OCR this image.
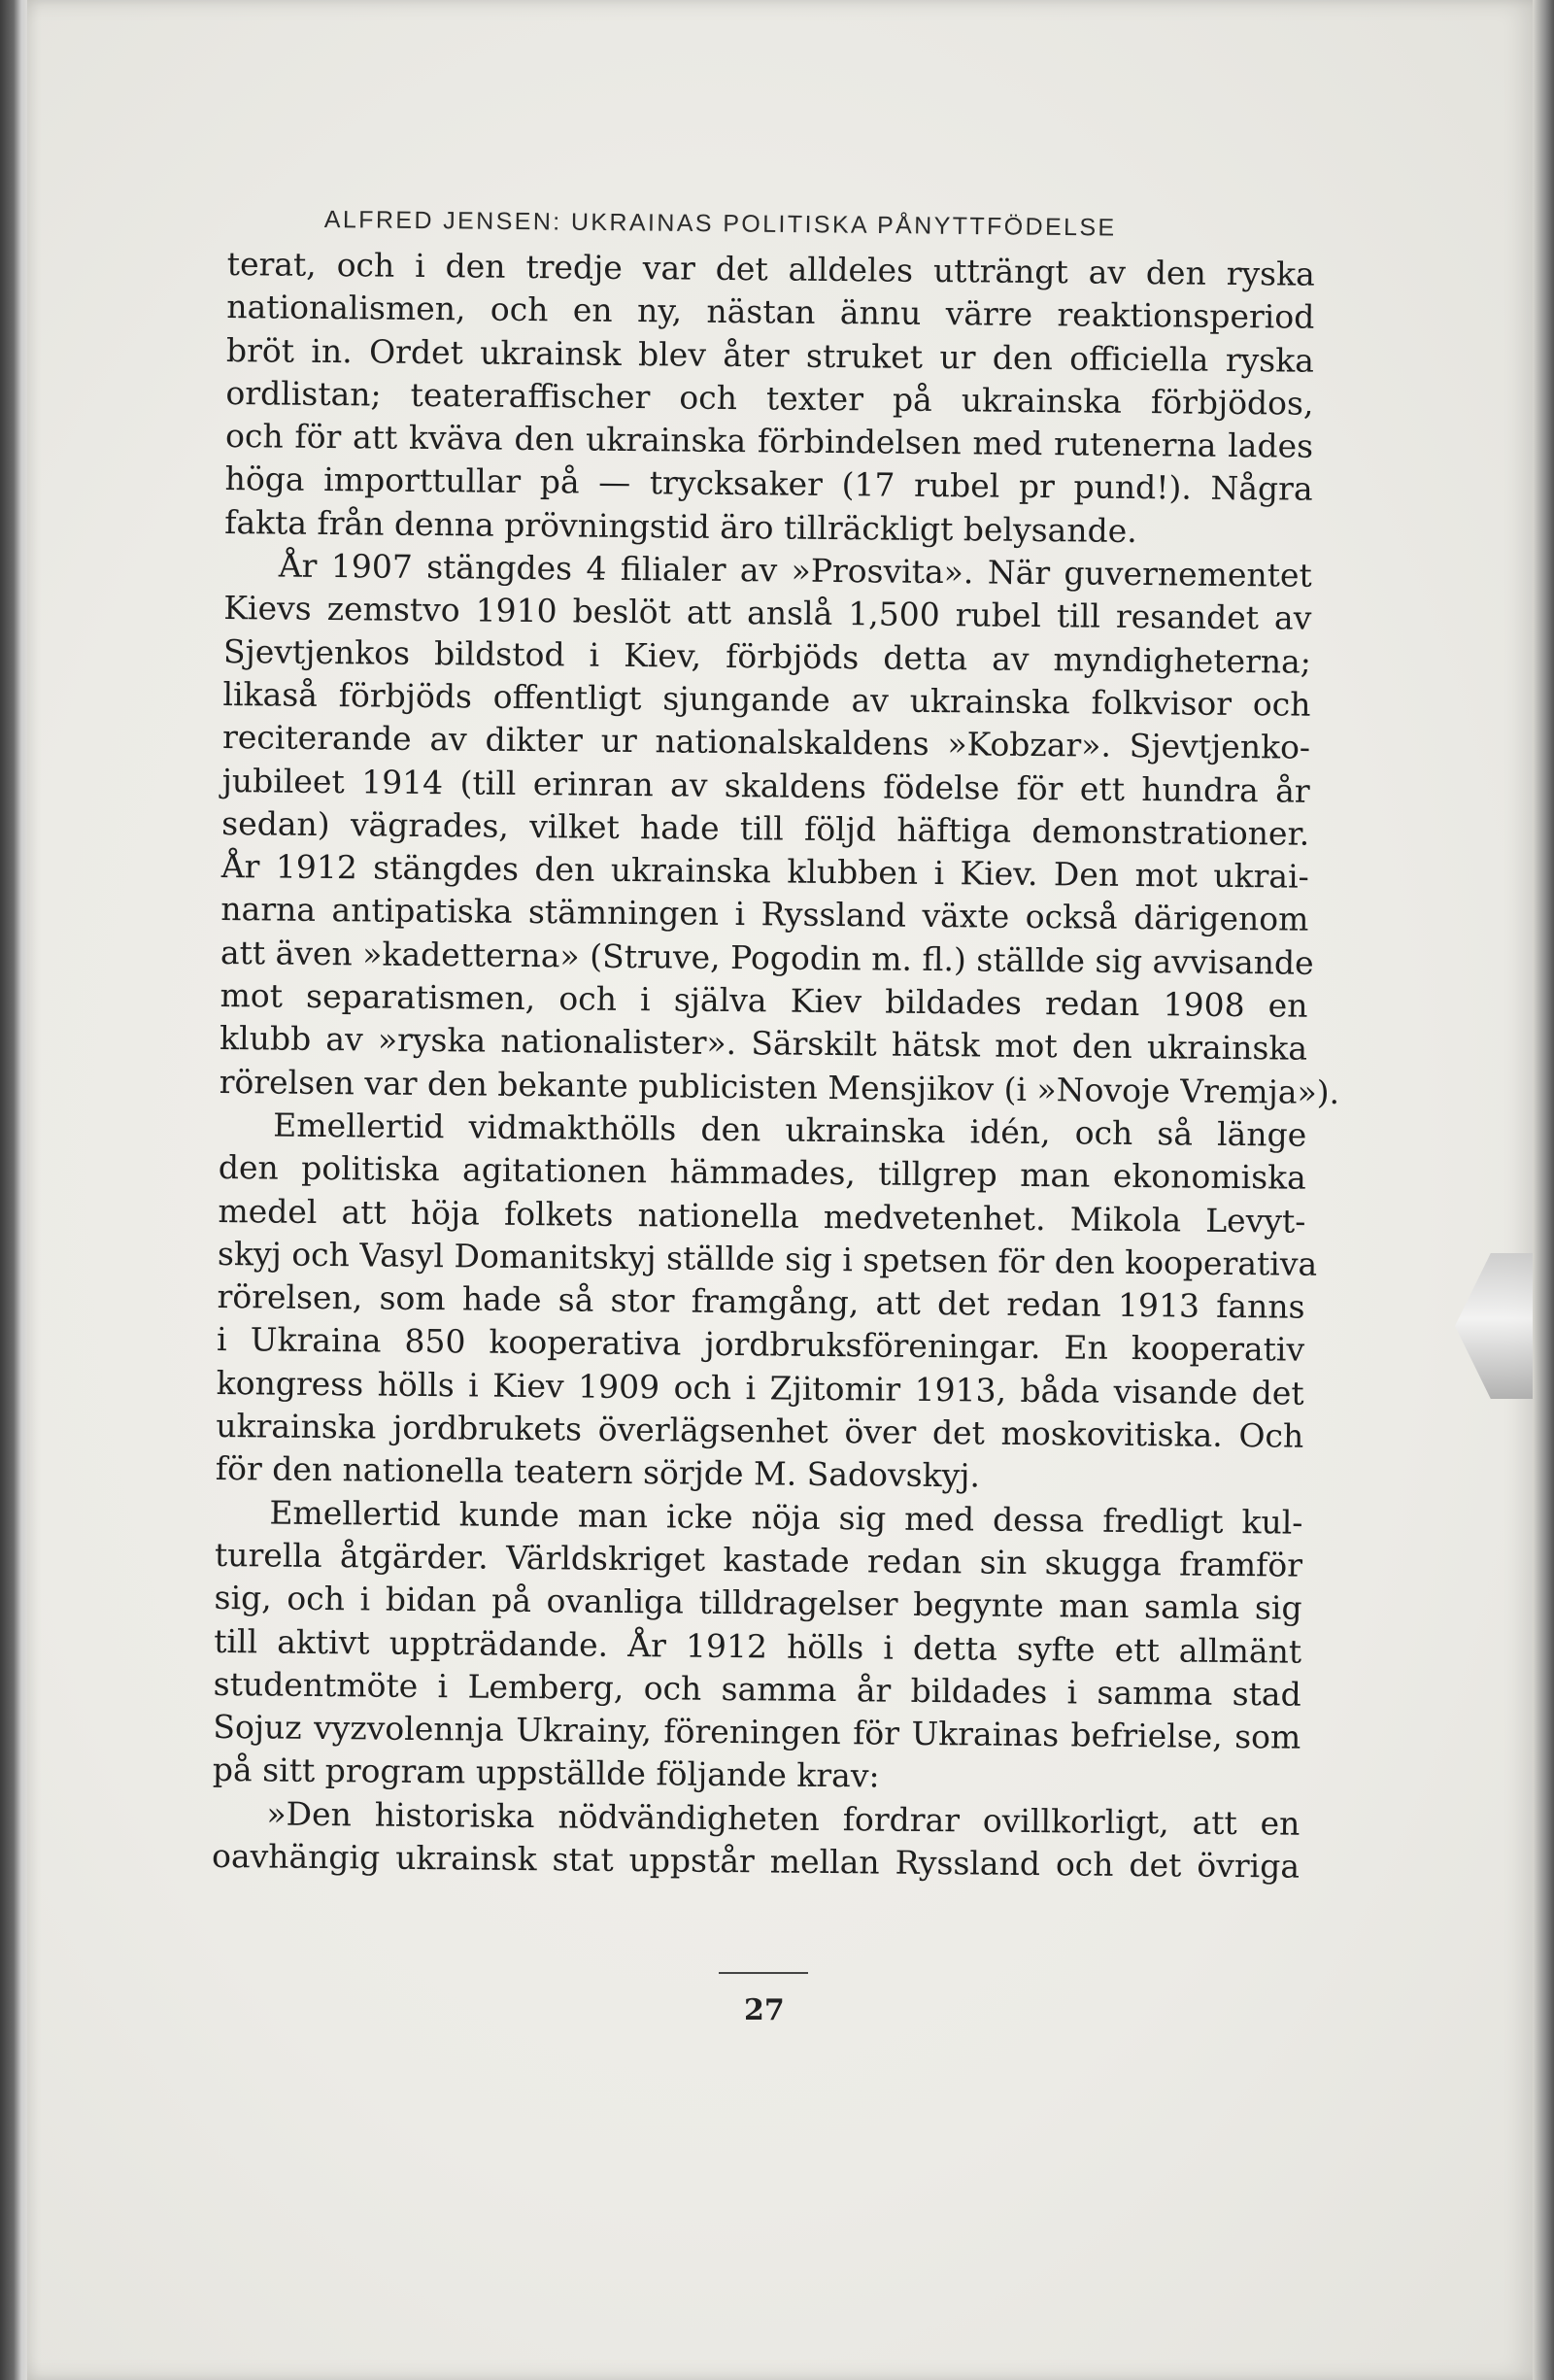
ALFRED JENSEN: UKRAINAS POLITISKA PÅNYTTFÖDELSE
terat, och i den tredje var det alldeles utträngt av den ryska
nationalismen, och en ny, nästan ännu värre reaktionsperiod
bröt in. Ordet ukrainsk blev åter struket ur den officiella ryska
ordlistan; teateraffischer och texter på ukrainska förbjödos,
och för att kväva den ukrainska förbindelsen med rutenerna lades
höga importtullar på — trycksaker (17 rubel pr pund!). Några
fakta från denna prövningstid äro tillräckligt belysande.
År 1907 stängdes 4 filialer av »Prosvita». När guvernementet
Kievs zemstvo 1910 beslöt att anslå 1,500 rubel till resandet av
Sjevtjenkos bildstod i Kiev, förbjöds detta av myndigheterna;
likaså förbjöds offentligt sjungande av ukrainska folkvisor och
reciterande av dikter ur nationalskaldens »Kobzar». Sjevtjenko-
jubileet 1914 (till erinran av skaldens födelse för ett hundra år
sedan) vägrades, vilket hade till följd häftiga demonstrationer.
År 1912 stängdes den ukrainska klubben i Kiev. Den mot ukrai-
narna antipatiska stämningen i Ryssland växte också därigenom
att även »kadetterna» (Struve, Pogodin m. fl.) ställde sig avvisande
mot separatismen, och i själva Kiev bildades redan 1908 en
klubb av »ryska nationalister». Särskilt hätsk mot den ukrainska
rörelsen var den bekante publicisten Mensjikov (i »Novoje Vremja»).
Emellertid vidmakthölls den ukrainska idén, och så länge
den politiska agitationen hämmades, tillgrep man ekonomiska
medel att höja folkets nationella medvetenhet. Mikola Levyt-
skyj och Vasyl Domanitskyj ställde sig i spetsen för den kooperativa
rörelsen, som hade så stor framgång, att det redan 1913 fanns
i Ukraina 850 kooperativa jordbruksföreningar. En kooperativ
kongress hölls i Kiev 1909 och i Zjitomir 1913, båda visande det
ukrainska jordbrukets överlägsenhet över det moskovitiska. Och
för den nationella teatern sörjde M. Sadovskyj.
Emellertid kunde man icke nöja sig med dessa fredligt kul-
turella åtgärder. Världskriget kastade redan sin skugga framför
sig, och i bidan på ovanliga tilldragelser begynte man samla sig
till aktivt uppträdande. År 1912 hölls i detta syfte ett allmänt
studentmöte i Lemberg, och samma år bildades i samma stad
Sojuz vyzvolennja Ukrainy, föreningen för Ukrainas befrielse, som
på sitt program uppställde följande krav:
»Den historiska nödvändigheten fordrar ovillkorligt, att en
oavhängig ukrainsk stat uppstår mellan Ryssland och det övriga
27
